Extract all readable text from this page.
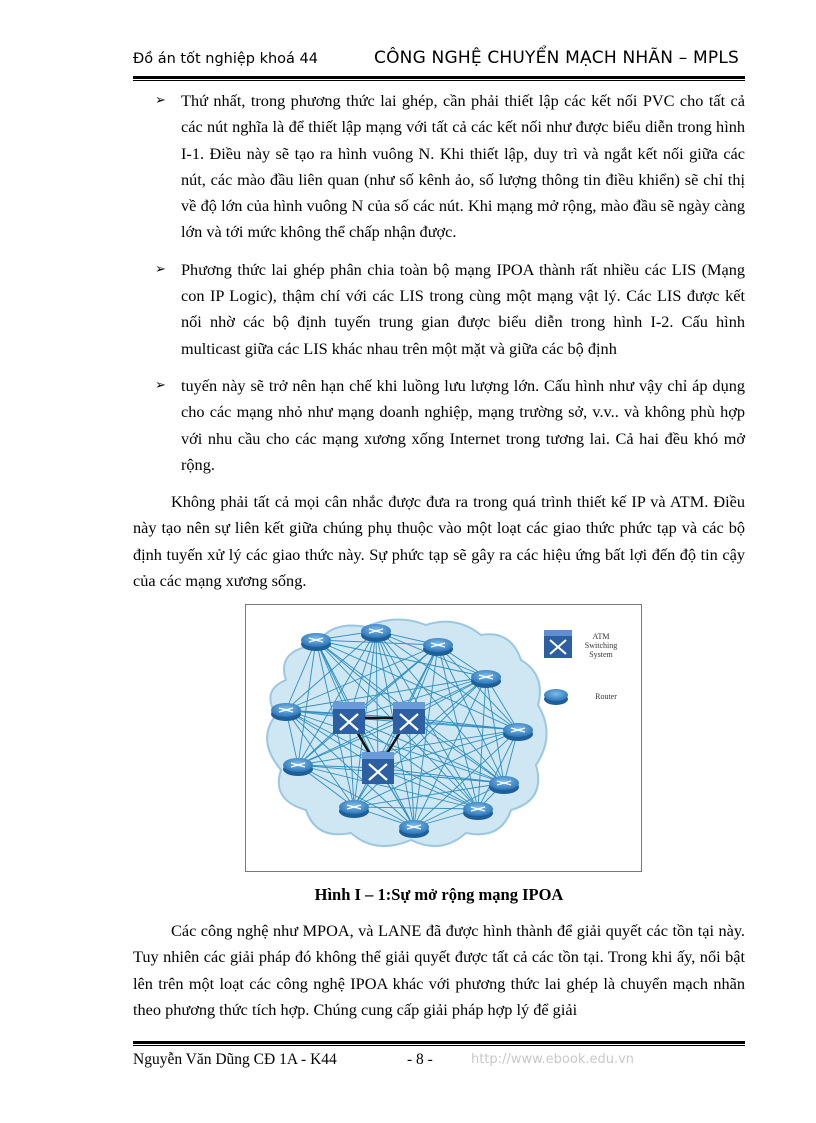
Đồ án tốt nghiệp khoá 44	CÔNG NGHỆ CHUYỂN MẠCH NHÃN – MPLS
➢ Thứ nhất, trong phương thức lai ghép, cần phải thiết lập các kết nối PVC cho tất cả các nút nghĩa là để thiết lập mạng với tất cả các kết nối như được biểu diễn trong hình I-1. Điều này sẽ tạo ra hình vuông N. Khi thiết lập, duy trì và ngắt kết nối giữa các nút, các mào đầu liên quan (như số kênh ảo, số lượng thông tin điều khiển) sẽ chỉ thị về độ lớn của hình vuông N của số các nút. Khi mạng mở rộng, mào đầu sẽ ngày càng lớn và tới mức không thể chấp nhận được.
➢ Phương thức lai ghép phân chia toàn bộ mạng IPOA thành rất nhiều các LIS (Mạng con IP Logic), thậm chí với các LIS trong cùng một mạng vật lý. Các LIS được kết nối nhờ các bộ định tuyến trung gian được biểu diễn trong hình I-2. Cấu hình multicast giữa các LIS khác nhau trên một mặt và giữa các bộ định
➢ tuyến này sẽ trở nên hạn chế khi luồng lưu lượng lớn. Cấu hình như vậy chỉ áp dụng cho các mạng nhỏ như mạng doanh nghiệp, mạng trường sở, v.v.. và không phù hợp với nhu cầu cho các mạng xương xống Internet trong tương lai. Cả hai đều khó mở rộng.

Không phải tất cả mọi cân nhắc được đưa ra trong quá trình thiết kế IP và ATM. Điều này tạo nên sự liên kết giữa chúng phụ thuộc vào một loạt các giao thức phức tạp và các bộ định tuyến xử lý các giao thức này. Sự phức tạp sẽ gây ra các hiệu ứng bất lợi đến độ tin cậy của các mạng xương sống.

ATM
Switching
System
Router
Hình I – 1:Sự mở rộng mạng IPOA

Các công nghệ như MPOA, và LANE đã được hình thành để giải quyết các tồn tại này. Tuy nhiên các giải pháp đó không thể giải quyết được tất cả các tồn tại. Trong khi ấy, nổi bật lên trên một loạt các công nghệ IPOA khác với phương thức lai ghép là chuyển mạch nhãn theo phương thức tích hợp. Chúng cung cấp giải pháp hợp lý để giải

Nguyễn Văn Dũng CĐ 1A - K44	- 8 -	http://www.ebook.edu.vn
